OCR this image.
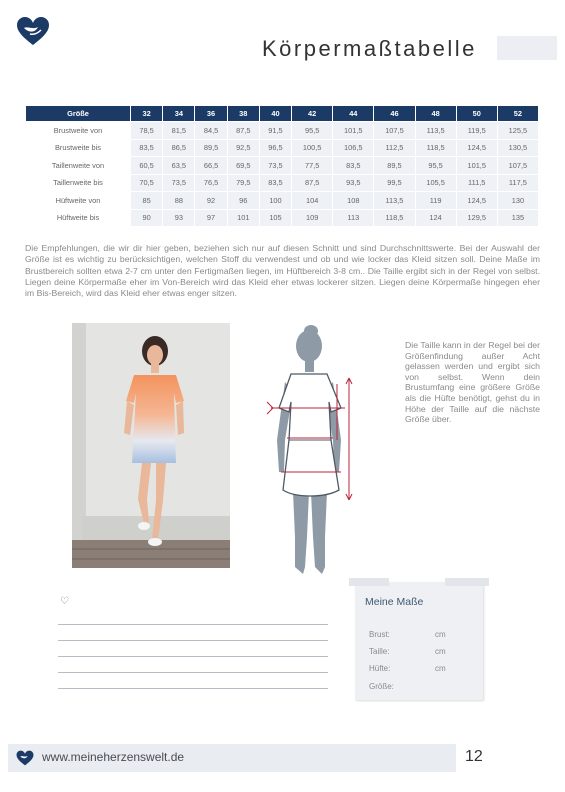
Körpermaßtabelle
Größe	32	34	36	38	40	42	44	46	48	50	52
Brustweite von	78,5	81,5	84,5	87,5	91,5	95,5	101,5	107,5	113,5	119,5	125,5
Brustweite bis	83,5	86,5	89,5	92,5	96,5	100,5	106,5	112,5	118,5	124,5	130,5
Taillenweite von	60,5	63,5	66,5	69,5	73,5	77,5	83,5	89,5	95,5	101,5	107,5
Taillenweite bis	70,5	73,5	76,5	79,5	83,5	87,5	93,5	99,5	105,5	111,5	117,5
Hüftweite von	85	88	92	96	100	104	108	113,5	119	124,5	130
Hüftweite bis	90	93	97	101	105	109	113	118,5	124	129,5	135
Die Empfehlungen, die wir dir hier geben, beziehen sich nur auf diesen Schnitt und sind Durchschnittswerte. Bei der Auswahl der Größe ist es wichtig zu berücksichtigen, welchen Stoff du verwendest und ob und wie locker das Kleid sitzen soll. Deine Maße im Brustbereich sollten etwa 2-7 cm unter den Fertigmaßen liegen, im Hüftbereich 3-8 cm.. Die Taille ergibt sich in der Regel von selbst. Liegen deine Körpermaße eher im Von-Bereich wird das Kleid eher etwas lockerer sitzen. Liegen deine Körpermaße hingegen eher im Bis-Bereich, wird das Kleid eher etwas enger sitzen.
Die Taille kann in der Regel bei der Größenfindung außer Acht gelassen werden und ergibt sich von selbst. Wenn dein Brustumfang eine größere Größe als die Hüfte benötigt, gehst du in Höhe der Taille auf die nächste Größe über.
♡	Meine Maße
Brust:	cm
Taille:	cm
Hüfte:	cm
Größe:
www.meineherzenswelt.de	12
